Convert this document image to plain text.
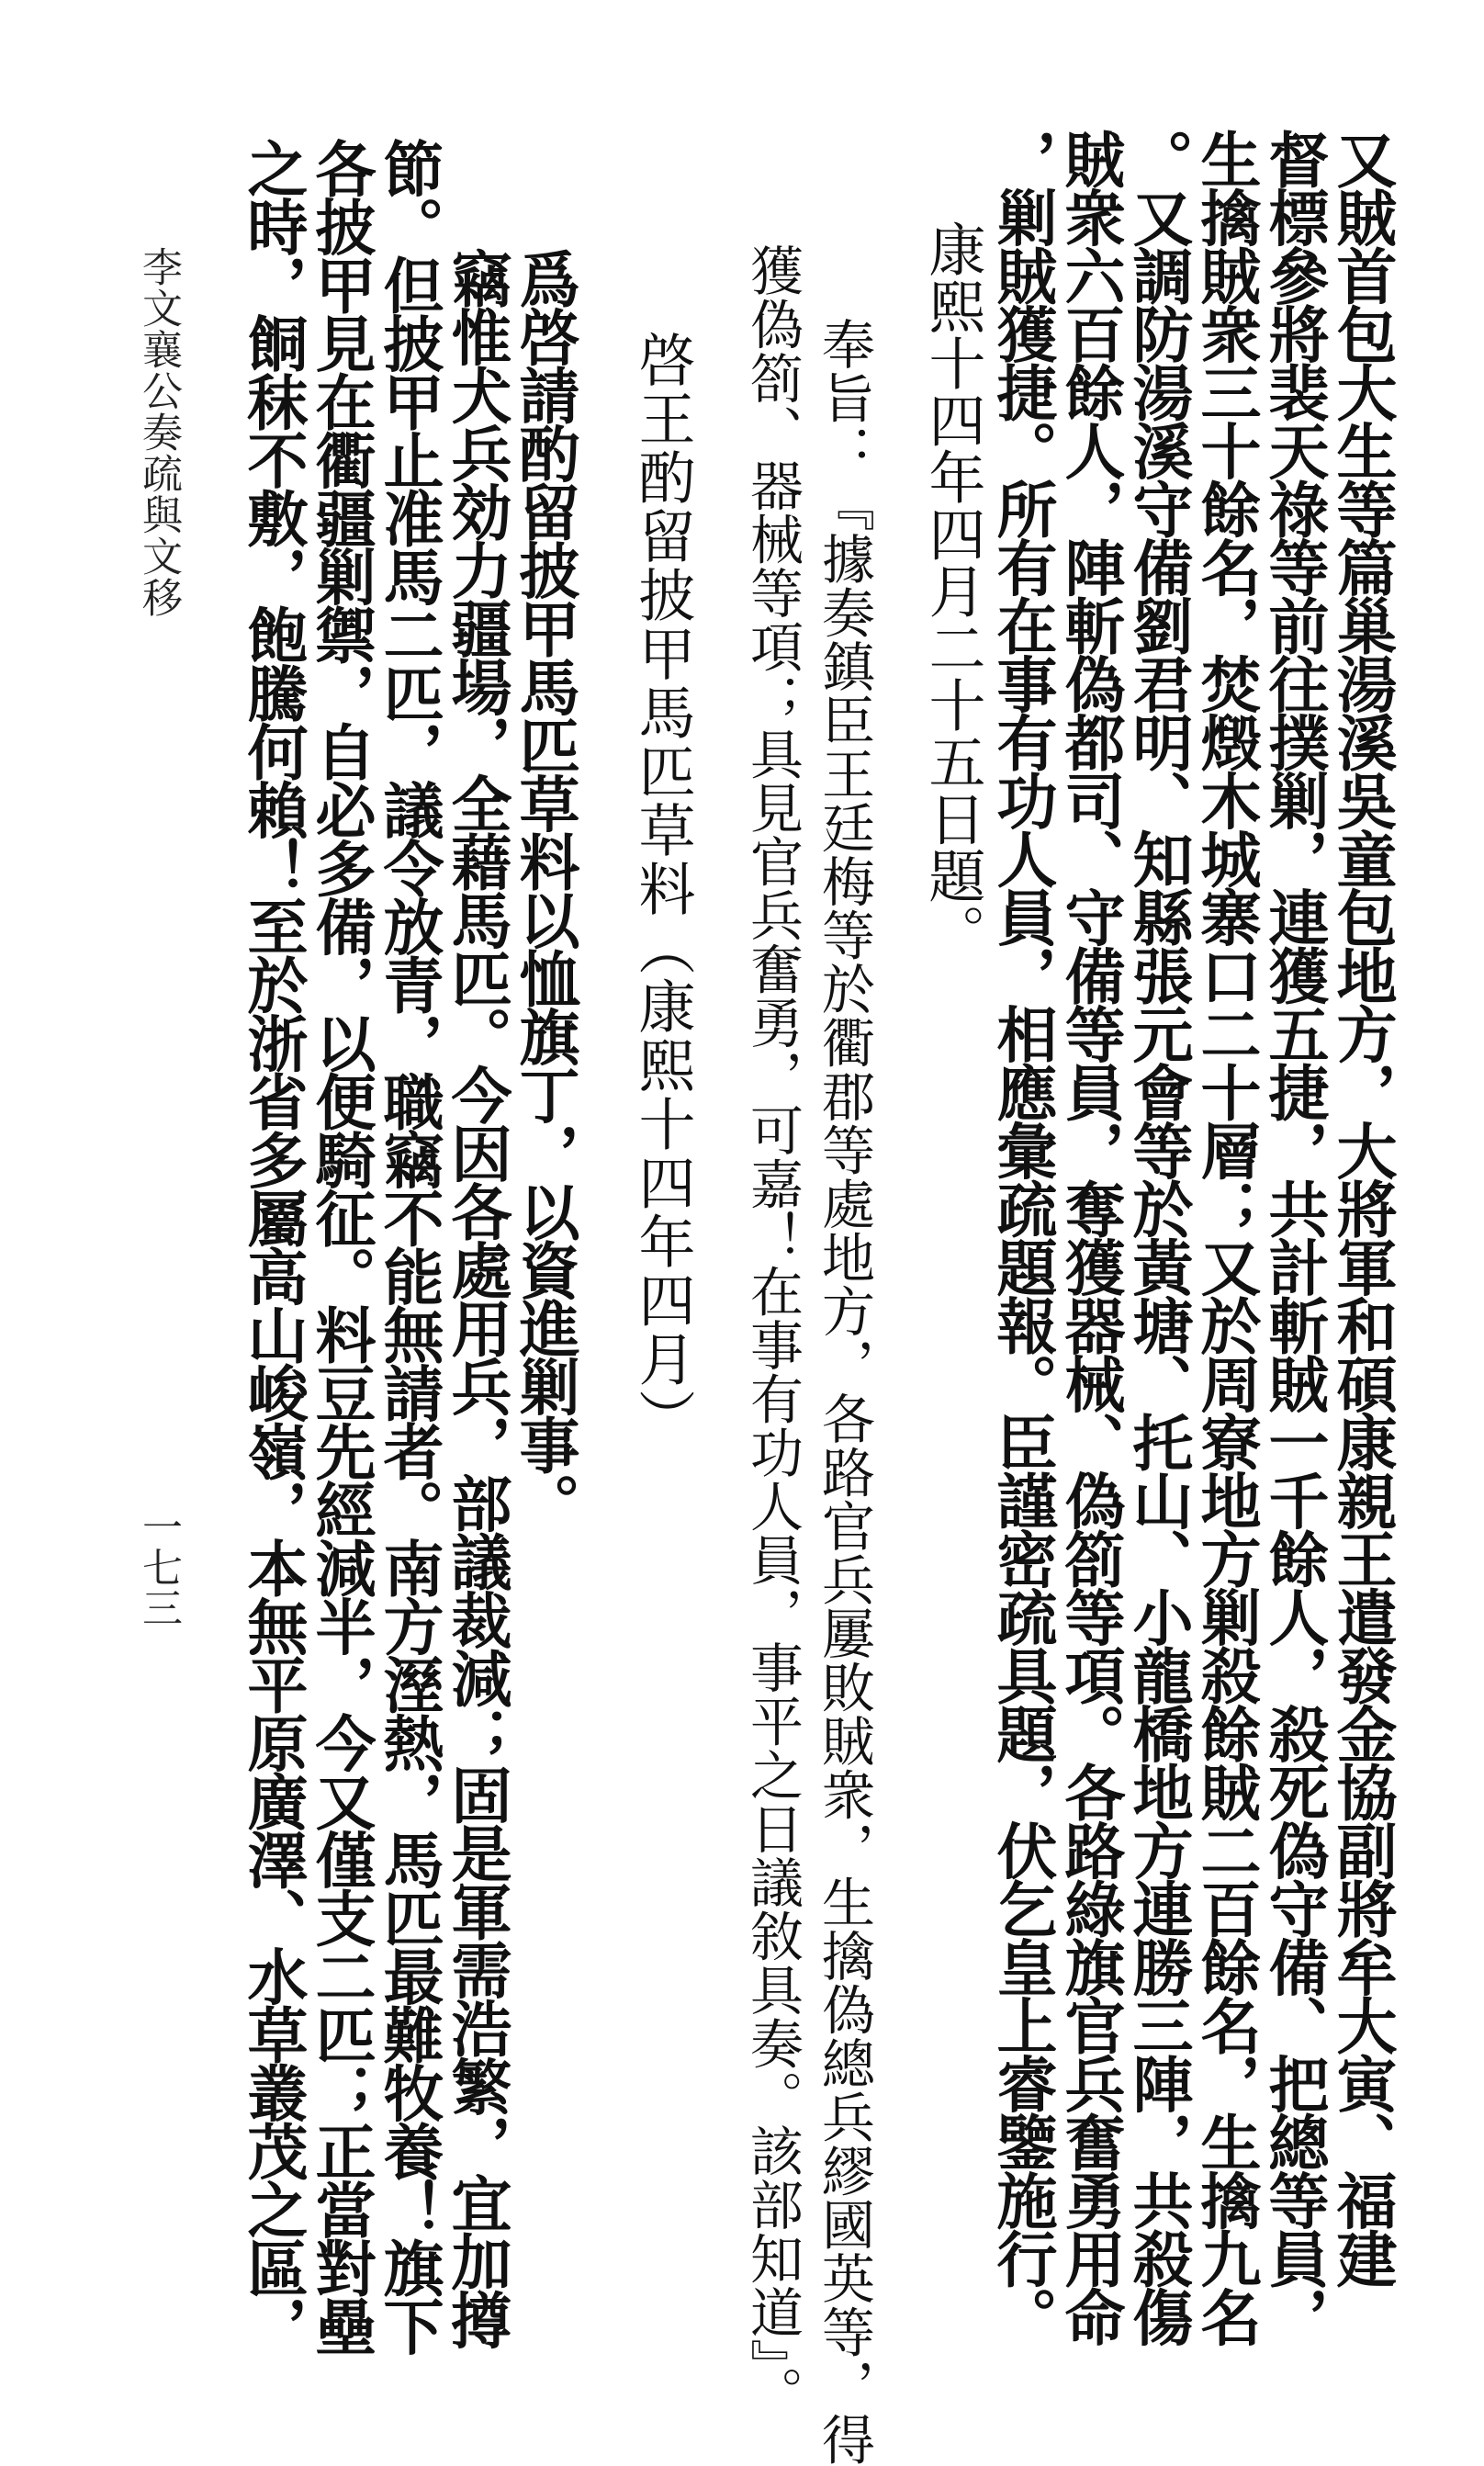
李文襄公奏疏與文移
一七三	又賊首包大生等篇巢湯溪吳童包地方，大將軍和碩康親王遣發金協副將牟大寅、福建
督標參將裴天祿等前往撲剿，連獲五捷，共計斬賊一千餘人，殺死偽守備、把總等員，
生擒賊衆三十餘名，焚燬木城寨口二十層；又於周寮地方剿殺餘賊二百餘名，生擒九名
。又調防湯溪守備劉君明、知縣張元會等於黃塘、托山、小龍橋地方連勝三陣，共殺傷
賊衆六百餘人，陣斬偽都司、守備等員，奪獲器械、偽箚等項。各路綠旗官兵奮勇用命
，剿賊獲捷。所有在事有功人員，相應彙疏題報。臣謹密疏具題，伏乞皇上睿鑒施行。
康熙十四年四月二十五日題。
奉旨：『據奏鎮臣王廷梅等於衢郡等處地方，各路官兵屢敗賊衆，生擒偽總兵繆國英等，得
獲偽箚、器械等項；具見官兵奮勇，可嘉！在事有功人員，事平之日議敘具奏。該部知道』。
啓王酌留披甲馬匹草料（康熙十四年四月）
爲啓請酌留披甲馬匹草料以恤旗丁，以資進剿事。
竊惟犬兵効力疆場，全藉馬匹。今因各處用兵，部議裁減；固是軍需浩繁，宜加撙
節。但披甲止准馬二匹，議令放青，職竊不能無請者。南方溼熱，馬匹最難牧養！旗下
各披甲見在衢疆剿禦，自必多備，以便騎征。料豆先經減半，今又僅支二匹；正當對壘
之時，餇秣不敷，飽騰何賴！至於浙省多屬高山峻嶺，本無平原廣澤、水草叢茂之區，
